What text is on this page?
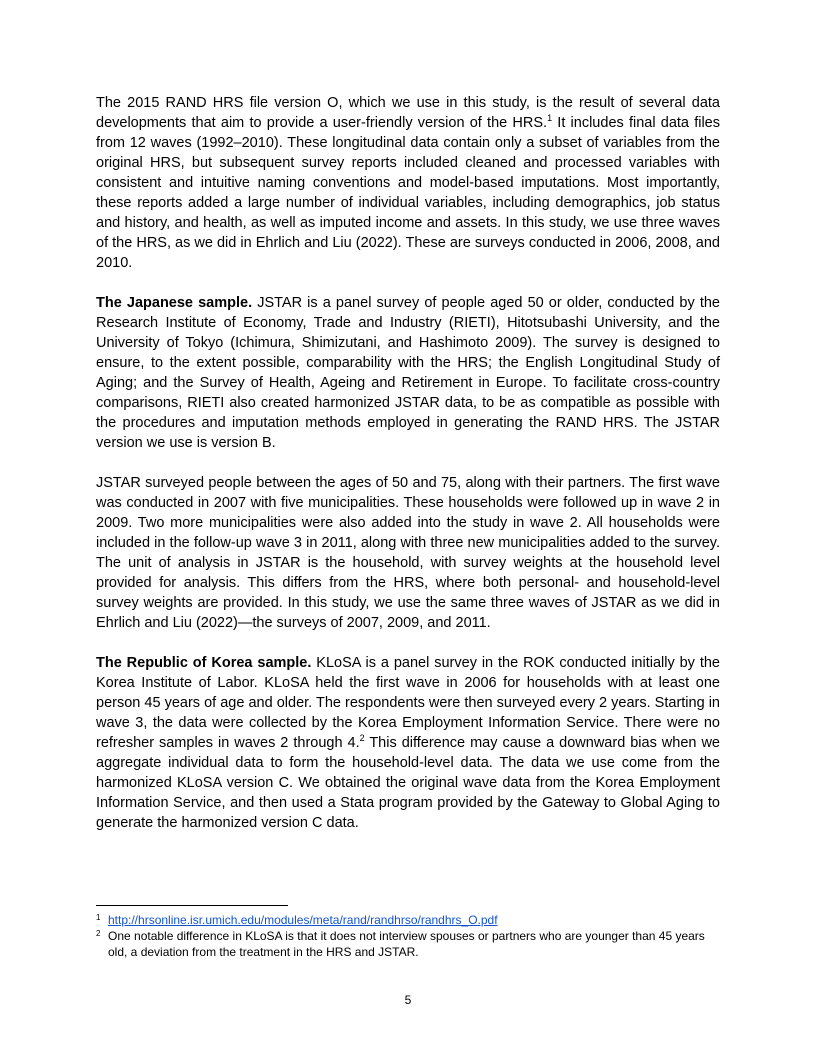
The 2015 RAND HRS file version O, which we use in this study, is the result of several data developments that aim to provide a user-friendly version of the HRS.$^1$ It includes final data files from 12 waves (1992–2010). These longitudinal data contain only a subset of variables from the original HRS, but subsequent survey reports included cleaned and processed variables with consistent and intuitive naming conventions and model-based imputations. Most importantly, these reports added a large number of individual variables, including demographics, job status and history, and health, as well as imputed income and assets. In this study, we use three waves of the HRS, as we did in Ehrlich and Liu (2022). These are surveys conducted in 2006, 2008, and 2010.

The Japanese sample. JSTAR is a panel survey of people aged 50 or older, conducted by the Research Institute of Economy, Trade and Industry (RIETI), Hitotsubashi University, and the University of Tokyo (Ichimura, Shimizutani, and Hashimoto 2009). The survey is designed to ensure, to the extent possible, comparability with the HRS; the English Longitudinal Study of Aging; and the Survey of Health, Ageing and Retirement in Europe. To facilitate cross-country comparisons, RIETI also created harmonized JSTAR data, to be as compatible as possible with the procedures and imputation methods employed in generating the RAND HRS. The JSTAR version we use is version B.

JSTAR surveyed people between the ages of 50 and 75, along with their partners. The first wave was conducted in 2007 with five municipalities. These households were followed up in wave 2 in 2009. Two more municipalities were also added into the study in wave 2. All households were included in the follow-up wave 3 in 2011, along with three new municipalities added to the survey. The unit of analysis in JSTAR is the household, with survey weights at the household level provided for analysis. This differs from the HRS, where both personal- and household-level survey weights are provided. In this study, we use the same three waves of JSTAR as we did in Ehrlich and Liu (2022)—the surveys of 2007, 2009, and 2011.

The Republic of Korea sample. KLoSA is a panel survey in the ROK conducted initially by the Korea Institute of Labor. KLoSA held the first wave in 2006 for households with at least one person 45 years of age and older. The respondents were then surveyed every 2 years. Starting in wave 3, the data were collected by the Korea Employment Information Service. There were no refresher samples in waves 2 through 4.$^2$ This difference may cause a downward bias when we aggregate individual data to form the household-level data. The data we use come from the harmonized KLoSA version C. We obtained the original wave data from the Korea Employment Information Service, and then used a Stata program provided by the Gateway to Global Aging to generate the harmonized version C data.

1 http://hrsonline.isr.umich.edu/modules/meta/rand/randhrso/randhrs_O.pdf
2 One notable difference in KLoSA is that it does not interview spouses or partners who are younger than 45 years old, a deviation from the treatment in the HRS and JSTAR.
5
